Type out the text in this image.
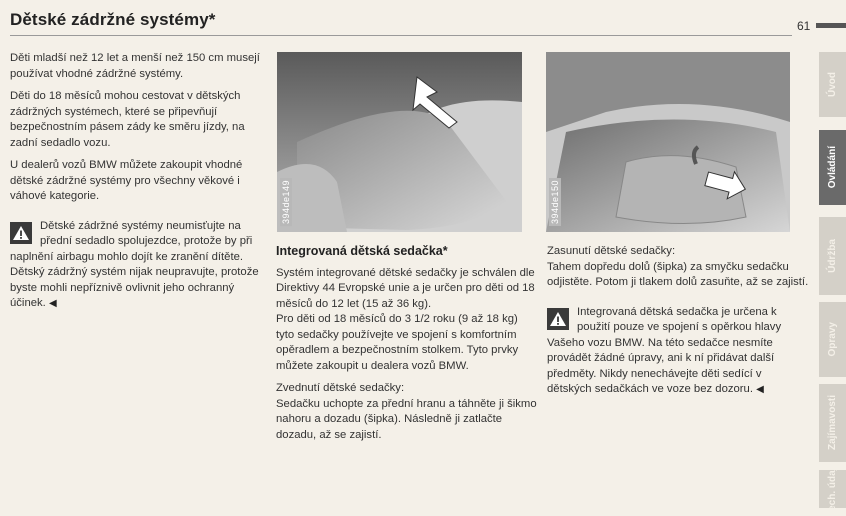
Dětské zádržné systémy*	61

Děti mladší než 12 let a menší než 150 cm musejí používat vhodné zádržné systémy.

Děti do 18 měsíců mohou cestovat v dětských zádržných systémech, které se připevňují bezpečnostním pásem zády ke směru jízdy, na zadní sedadlo vozu.

U dealerů vozů BMW můžete zakoupit vhodné dětské zádržné systémy pro všechny věkové i váhové kategorie.

Dětské zádržné systémy neumisťujte na přední sedadlo spolujezdce, protože by při naplnění airbagu mohlo dojít ke zranění dítěte. Dětský zádržný systém nijak neupravujte, protože byste mohli nepříznivě ovlivnit jeho ochranný účinek. ◀
394de149	394de150
Integrovaná dětská sedačka*

Systém integrované dětské sedačky je schválen dle Direktivy 44 Evropské unie a je určen pro děti od 18 měsíců do 12 let (15 až 36 kg).

Pro děti od 18 měsíců do 3 1/2 roku (9 až 18 kg) tyto sedačky používejte ve spojení s komfortním opěradlem a bezpečnostním stolkem. Tyto prvky můžete zakoupit u dealera vozů BMW.

Zvednutí dětské sedačky:
Sedačku uchopte za přední hranu a táhněte ji šikmo nahoru a dozadu (šipka). Následně ji zatlačte dozadu, až se zajistí.

Zasunutí dětské sedačky:
Tahem dopředu dolů (šipka) za smyčku sedačku odjistěte. Potom ji tlakem dolů zasuňte, až se zajistí.

Integrovaná dětská sedačka je určena k použití pouze ve spojení s opěrkou hlavy Vašeho vozu BMW. Na této sedačce nesmíte provádět žádné úpravy, ani k ní přidávat další předměty. Nikdy nenechávejte děti sedící v dětských sedačkách ve voze bez dozoru. ◀
Úvod
Ovládání
Údržba
Opravy
Zajímavosti
Tech. údaje
